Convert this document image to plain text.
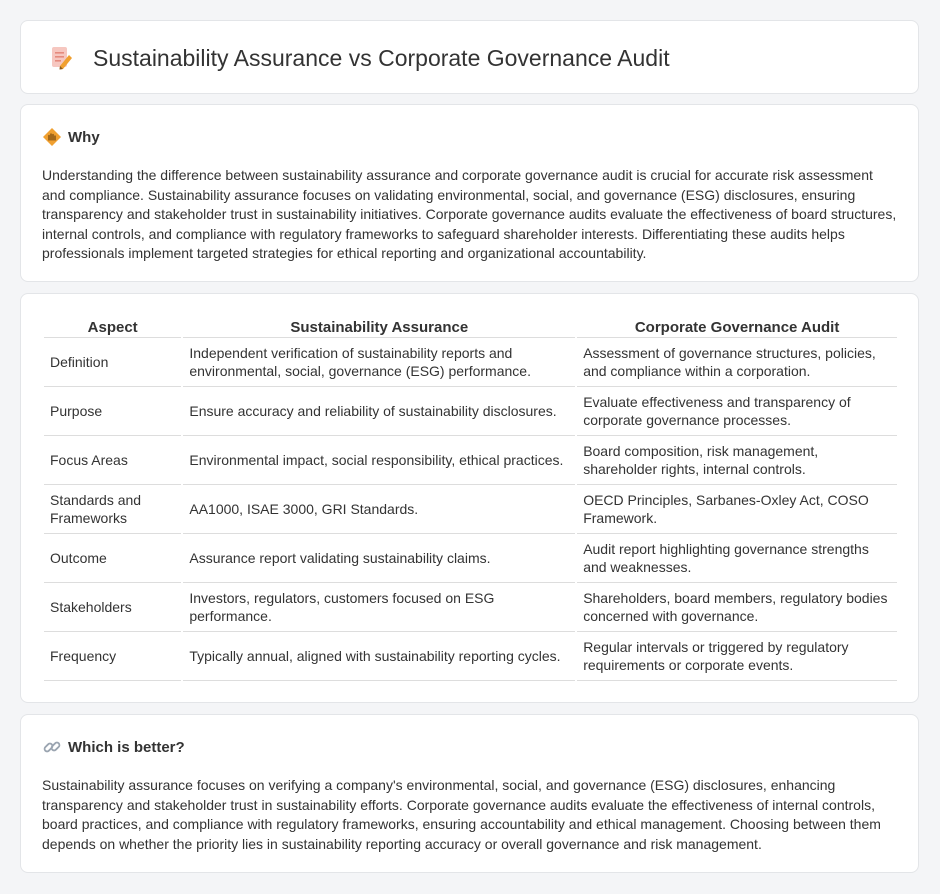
Sustainability Assurance vs Corporate Governance Audit
Why

Understanding the difference between sustainability assurance and corporate governance audit is crucial for accurate risk assessment and compliance. Sustainability assurance focuses on validating environmental, social, and governance (ESG) disclosures, ensuring transparency and stakeholder trust in sustainability initiatives. Corporate governance audits evaluate the effectiveness of board structures, internal controls, and compliance with regulatory frameworks to safeguard shareholder interests. Differentiating these audits helps professionals implement targeted strategies for ethical reporting and organizational accountability.

Aspect	Sustainability Assurance	Corporate Governance Audit
Definition	Independent verification of sustainability reports and environmental, social, governance (ESG) performance.	Assessment of governance structures, policies, and compliance within a corporation.
Purpose	Ensure accuracy and reliability of sustainability disclosures.	Evaluate effectiveness and transparency of corporate governance processes.
Focus Areas	Environmental impact, social responsibility, ethical practices.	Board composition, risk management, shareholder rights, internal controls.
Standards and Frameworks	AA1000, ISAE 3000, GRI Standards.	OECD Principles, Sarbanes-Oxley Act, COSO Framework.
Outcome	Assurance report validating sustainability claims.	Audit report highlighting governance strengths and weaknesses.
Stakeholders	Investors, regulators, customers focused on ESG performance.	Shareholders, board members, regulatory bodies concerned with governance.
Frequency	Typically annual, aligned with sustainability reporting cycles.	Regular intervals or triggered by regulatory requirements or corporate events.
Which is better?

Sustainability assurance focuses on verifying a company's environmental, social, and governance (ESG) disclosures, enhancing transparency and stakeholder trust in sustainability efforts. Corporate governance audits evaluate the effectiveness of internal controls, board practices, and compliance with regulatory frameworks, ensuring accountability and ethical management. Choosing between them depends on whether the priority lies in sustainability reporting accuracy or overall governance and risk management.
